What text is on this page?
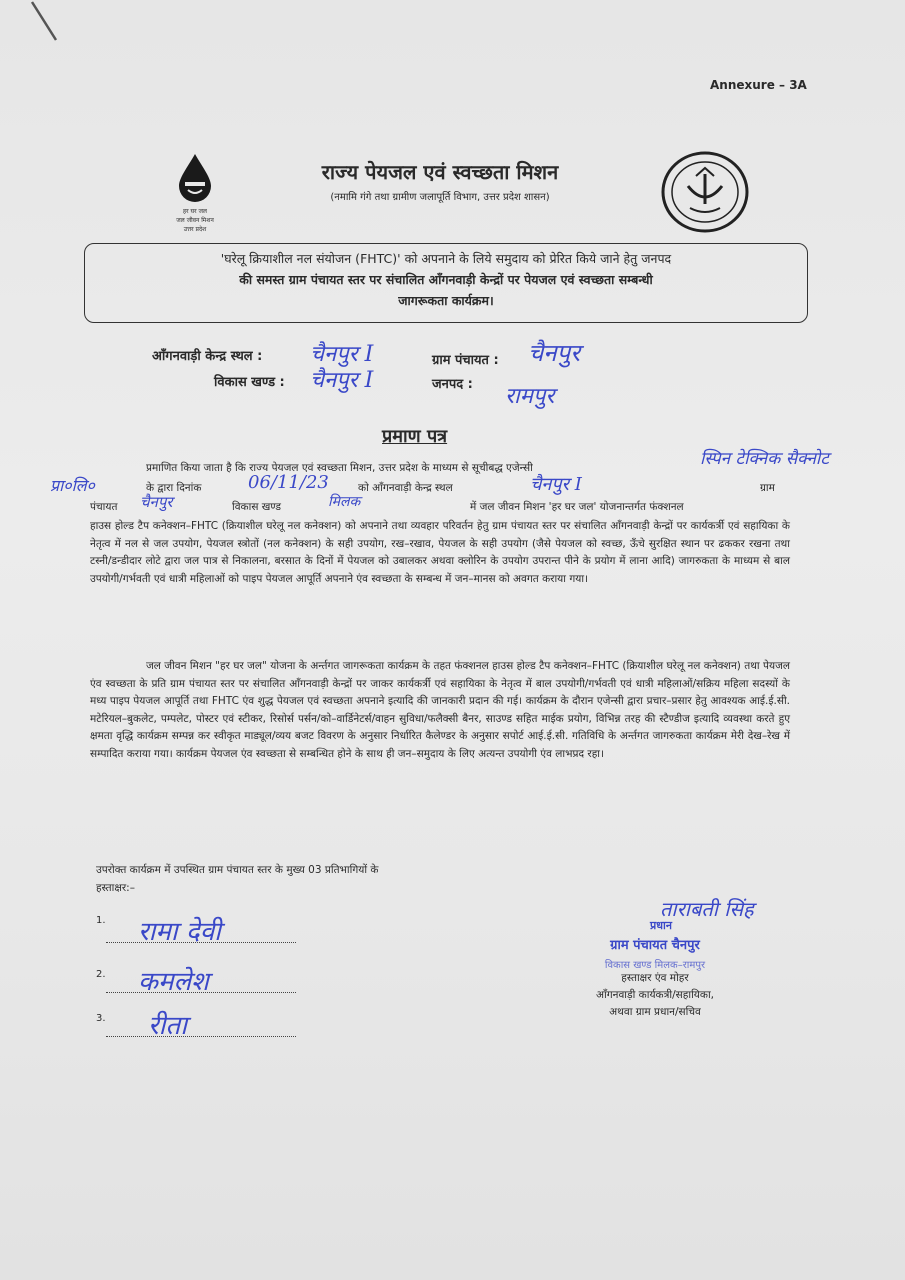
Annexure – 3A
हर घर जल
जल जीवन मिशन
उत्तर प्रदेश
राज्य पेयजल एवं स्वच्छता मिशन
(नमामि गंगे तथा ग्रामीण जलापूर्ति विभाग, उत्तर प्रदेश शासन)
'घरेलू क्रियाशील नल संयोजन (FHTC)' को अपनाने के लिये समुदाय को प्रेरित किये जाने हेतु जनपद
की समस्त ग्राम पंचायत स्तर पर संचालित आँगनवाड़ी केन्द्रों पर पेयजल एवं स्वच्छता सम्बन्धी
जागरूकता कार्यक्रम।
आँगनवाड़ी केन्द्र स्थल : चैनपुर I	ग्राम पंचायत : चैनपुर
विकास खण्ड : चैनपुर I	जनपद : रामपुर
प्रमाण पत्र
प्रमाणित किया जाता है कि राज्य पेयजल एवं स्वच्छता मिशन, उत्तर प्रदेश के माध्यम से सूचीबद्ध एजेन्सी	स्पिन टेक्निक सैक्नोट
प्रा०लि०	के द्वारा दिनांक	06/11/23	को आँगनवाड़ी केन्द्र स्थल	चैनपुर I	ग्राम
पंचायत	चैनपुर	विकास खण्ड	मिलक	में जल जीवन मिशन 'हर घर जल' योजनान्तर्गत फंक्शनल
हाउस होल्ड टैप कनेक्शन–FHTC (क्रियाशील घरेलू नल कनेक्शन) को अपनाने तथा व्यवहार परिवर्तन हेतु ग्राम पंचायत स्तर पर संचालित आँगनवाड़ी केन्द्रों पर कार्यकर्त्री एवं सहायिका के नेतृत्व में नल से जल उपयोग, पेयजल स्त्रोतों (नल कनेक्शन) के सही उपयोग, रख–रखाव, पेयजल के सही उपयोग (जैसे पेयजल को स्वच्छ, ऊँचे सुरक्षित स्थान पर ढककर रखना तथा टस्नी/डन्डीदार लोटे द्वारा जल पात्र से निकालना, बरसात के दिनों में पेयजल को उबालकर अथवा क्लोरिन के उपयोग उपरान्त पीने के प्रयोग में लाना आदि) जागरुकता के माध्यम से बाल उपयोगी/गर्भवती एवं धात्री महिलाओं को पाइप पेयजल आपूर्ति अपनाने एंव स्वच्छता के सम्बन्ध में जन–मानस को अवगत कराया गया।
जल जीवन मिशन "हर घर जल" योजना के अर्न्तगत जागरूकता कार्यक्रम के तहत फंक्शनल हाउस होल्ड टैप कनेक्शन–FHTC (क्रियाशील घरेलू नल कनेक्शन) तथा पेयजल एंव स्वच्छता के प्रति ग्राम पंचायत स्तर पर संचालित आँगनवाड़ी केन्द्रों पर जाकर कार्यकर्त्री एवं सहायिका के नेतृत्व में बाल उपयोगी/गर्भवती एवं धात्री महिलाओं/सक्रिय महिला सदस्यों के मध्य पाइप पेयजल आपूर्ति तथा FHTC एंव शुद्ध पेयजल एवं स्वच्छता अपनाने इत्यादि की जानकारी प्रदान की गई। कार्यक्रम के दौरान एजेन्सी द्वारा प्रचार–प्रसार हेतु आवश्यक आई.ई.सी. मटेरियल–बुकलेट, पम्पलेट, पोस्टर एवं स्टीकर, रिसोर्स पर्सन/को–वार्डिनेटर्स/वाहन सुविधा/फलैक्सी बैनर, साउण्ड सहित माईक प्रयोग, विभिन्न तरह की स्टैण्डीज इत्यादि व्यवस्था करते हुए क्षमता वृद्धि कार्यक्रम सम्पन्न कर स्वीकृत माड्यूल/व्यय बजट विवरण के अनुसार निर्धारित कैलेण्डर के अनुसार सपोर्ट आई.ई.सी. गतिविधि के अर्न्तगत जागरुकता कार्यक्रम मेरी देख–रेख में सम्पादित कराया गया। कार्यक्रम पेयजल एंव स्वच्छता से सम्बन्धित होने के साथ ही जन–समुदाय के लिए अत्यन्त उपयोगी एंव लाभप्रद रहा।
उपरोक्त कार्यक्रम में उपस्थित ग्राम पंचायत स्तर के मुख्य 03 प्रतिभागियों के
हस्ताक्षर:–
1. रामा देवी
2. कमलेश
3. रीता
ताराबती सिंह
प्रधान
ग्राम पंचायत चैनपुर
विकास खण्ड मिलक–रामपुर
हस्ताक्षर एंव मोहर
आँगनवाड़ी कार्यकत्री/सहायिका,
अथवा ग्राम प्रधान/सचिव
